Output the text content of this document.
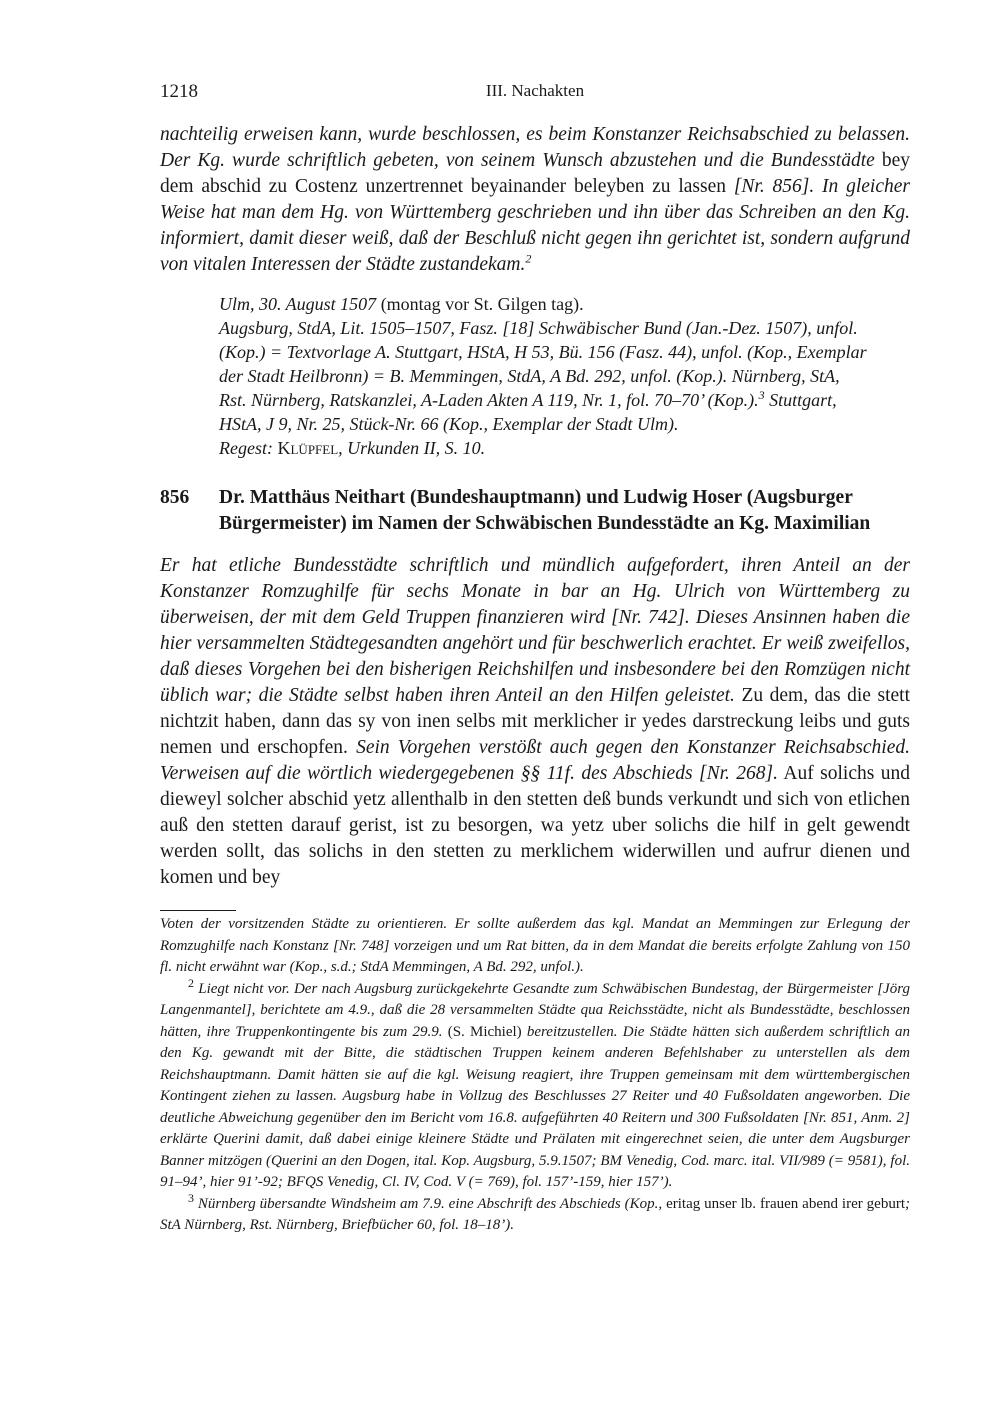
1218	III. Nachakten
nachteilig erweisen kann, wurde beschlossen, es beim Konstanzer Reichsabschied zu belassen. Der Kg. wurde schriftlich gebeten, von seinem Wunsch abzustehen und die Bundesstädte bey dem abschid zu Costenz unzertrennet beyainander beleyben zu lassen [Nr. 856]. In gleicher Weise hat man dem Hg. von Württemberg geschrieben und ihn über das Schreiben an den Kg. informiert, damit dieser weiß, daß der Beschluß nicht gegen ihn gerichtet ist, sondern aufgrund von vitalen Interessen der Städte zustandekam.$^2$
Ulm, 30. August 1507 (montag vor St. Gilgen tag).
Augsburg, StdA, Lit. 1505–1507, Fasz. [18] Schwäbischer Bund (Jan.-Dez. 1507), unfol.
(Kop.) = Textvorlage A. Stuttgart, HStA, H 53, Bü. 156 (Fasz. 44), unfol. (Kop., Exemplar
der Stadt Heilbronn) = B. Memmingen, StdA, A Bd. 292, unfol. (Kop.). Nürnberg, StA,
Rst. Nürnberg, Ratskanzlei, A-Laden Akten A 119, Nr. 1, fol. 70–70’ (Kop.).$^3$ Stuttgart,
HStA, J 9, Nr. 25, Stück-Nr. 66 (Kop., Exemplar der Stadt Ulm).
Regest: Klüpfel, Urkunden II, S. 10.
856 Dr. Matthäus Neithart (Bundeshauptmann) und Ludwig Hoser (Augsburger Bürgermeister) im Namen der Schwäbischen Bundesstädte an Kg. Maximilian
Er hat etliche Bundesstädte schriftlich und mündlich aufgefordert, ihren Anteil an der Konstanzer Romzughilfe für sechs Monate in bar an Hg. Ulrich von Württemberg zu überweisen, der mit dem Geld Truppen finanzieren wird [Nr. 742]. Dieses Ansinnen haben die hier versammelten Städtegesandten angehört und für beschwerlich erachtet. Er weiß zweifellos, daß dieses Vorgehen bei den bisherigen Reichshilfen und insbesondere bei den Romzügen nicht üblich war; die Städte selbst haben ihren Anteil an den Hilfen geleistet. Zu dem, das die stett nichtzit haben, dann das sy von inen selbs mit merklicher ir yedes darstreckung leibs und guts nemen und erschopfen. Sein Vorgehen verstößt auch gegen den Konstanzer Reichsabschied. Verweisen auf die wörtlich wiedergegebenen §§ 11f. des Abschieds [Nr. 268]. Auf solichs und dieweyl solcher abschid yetz allenthalb in den stetten deß bunds verkundt und sich von etlichen auß den stetten darauf gerist, ist zu besorgen, wa yetz uber solichs die hilf in gelt gewendt werden sollt, das solichs in den stetten zu merklichem widerwillen und aufrur dienen und komen und bey

Voten der vorsitzenden Städte zu orientieren. Er sollte außerdem das kgl. Mandat an Memmingen zur Erlegung der Romzughilfe nach Konstanz [Nr. 748] vorzeigen und um Rat bitten, da in dem Mandat die bereits erfolgte Zahlung von 150 fl. nicht erwähnt war (Kop., s.d.; StdA Memmingen, A Bd. 292, unfol.).

$^2$ Liegt nicht vor. Der nach Augsburg zurückgekehrte Gesandte zum Schwäbischen Bundestag, der Bürgermeister [Jörg Langenmantel], berichtete am 4.9., daß die 28 versammelten Städte qua Reichsstädte, nicht als Bundesstädte, beschlossen hätten, ihre Truppenkontingente bis zum 29.9. (S. Michiel) bereitzustellen. Die Städte hätten sich außerdem schriftlich an den Kg. gewandt mit der Bitte, die städtischen Truppen keinem anderen Befehlshaber zu unterstellen als dem Reichshauptmann. Damit hätten sie auf die kgl. Weisung reagiert, ihre Truppen gemeinsam mit dem württembergischen Kontingent ziehen zu lassen. Augsburg habe in Vollzug des Beschlusses 27 Reiter und 40 Fußsoldaten angeworben. Die deutliche Abweichung gegenüber den im Bericht vom 16.8. aufgeführten 40 Reitern und 300 Fußsoldaten [Nr. 851, Anm. 2] erklärte Querini damit, daß dabei einige kleinere Städte und Prälaten mit eingerechnet seien, die unter dem Augsburger Banner mitzögen (Querini an den Dogen, ital. Kop. Augsburg, 5.9.1507; BM Venedig, Cod. marc. ital. VII/989 (= 9581), fol. 91–94’, hier 91’-92; BFQS Venedig, Cl. IV, Cod. V (= 769), fol. 157’-159, hier 157’).

$^3$ Nürnberg übersandte Windsheim am 7.9. eine Abschrift des Abschieds (Kop., eritag unser lb. frauen abend irer geburt; StA Nürnberg, Rst. Nürnberg, Briefbücher 60, fol. 18–18’).
